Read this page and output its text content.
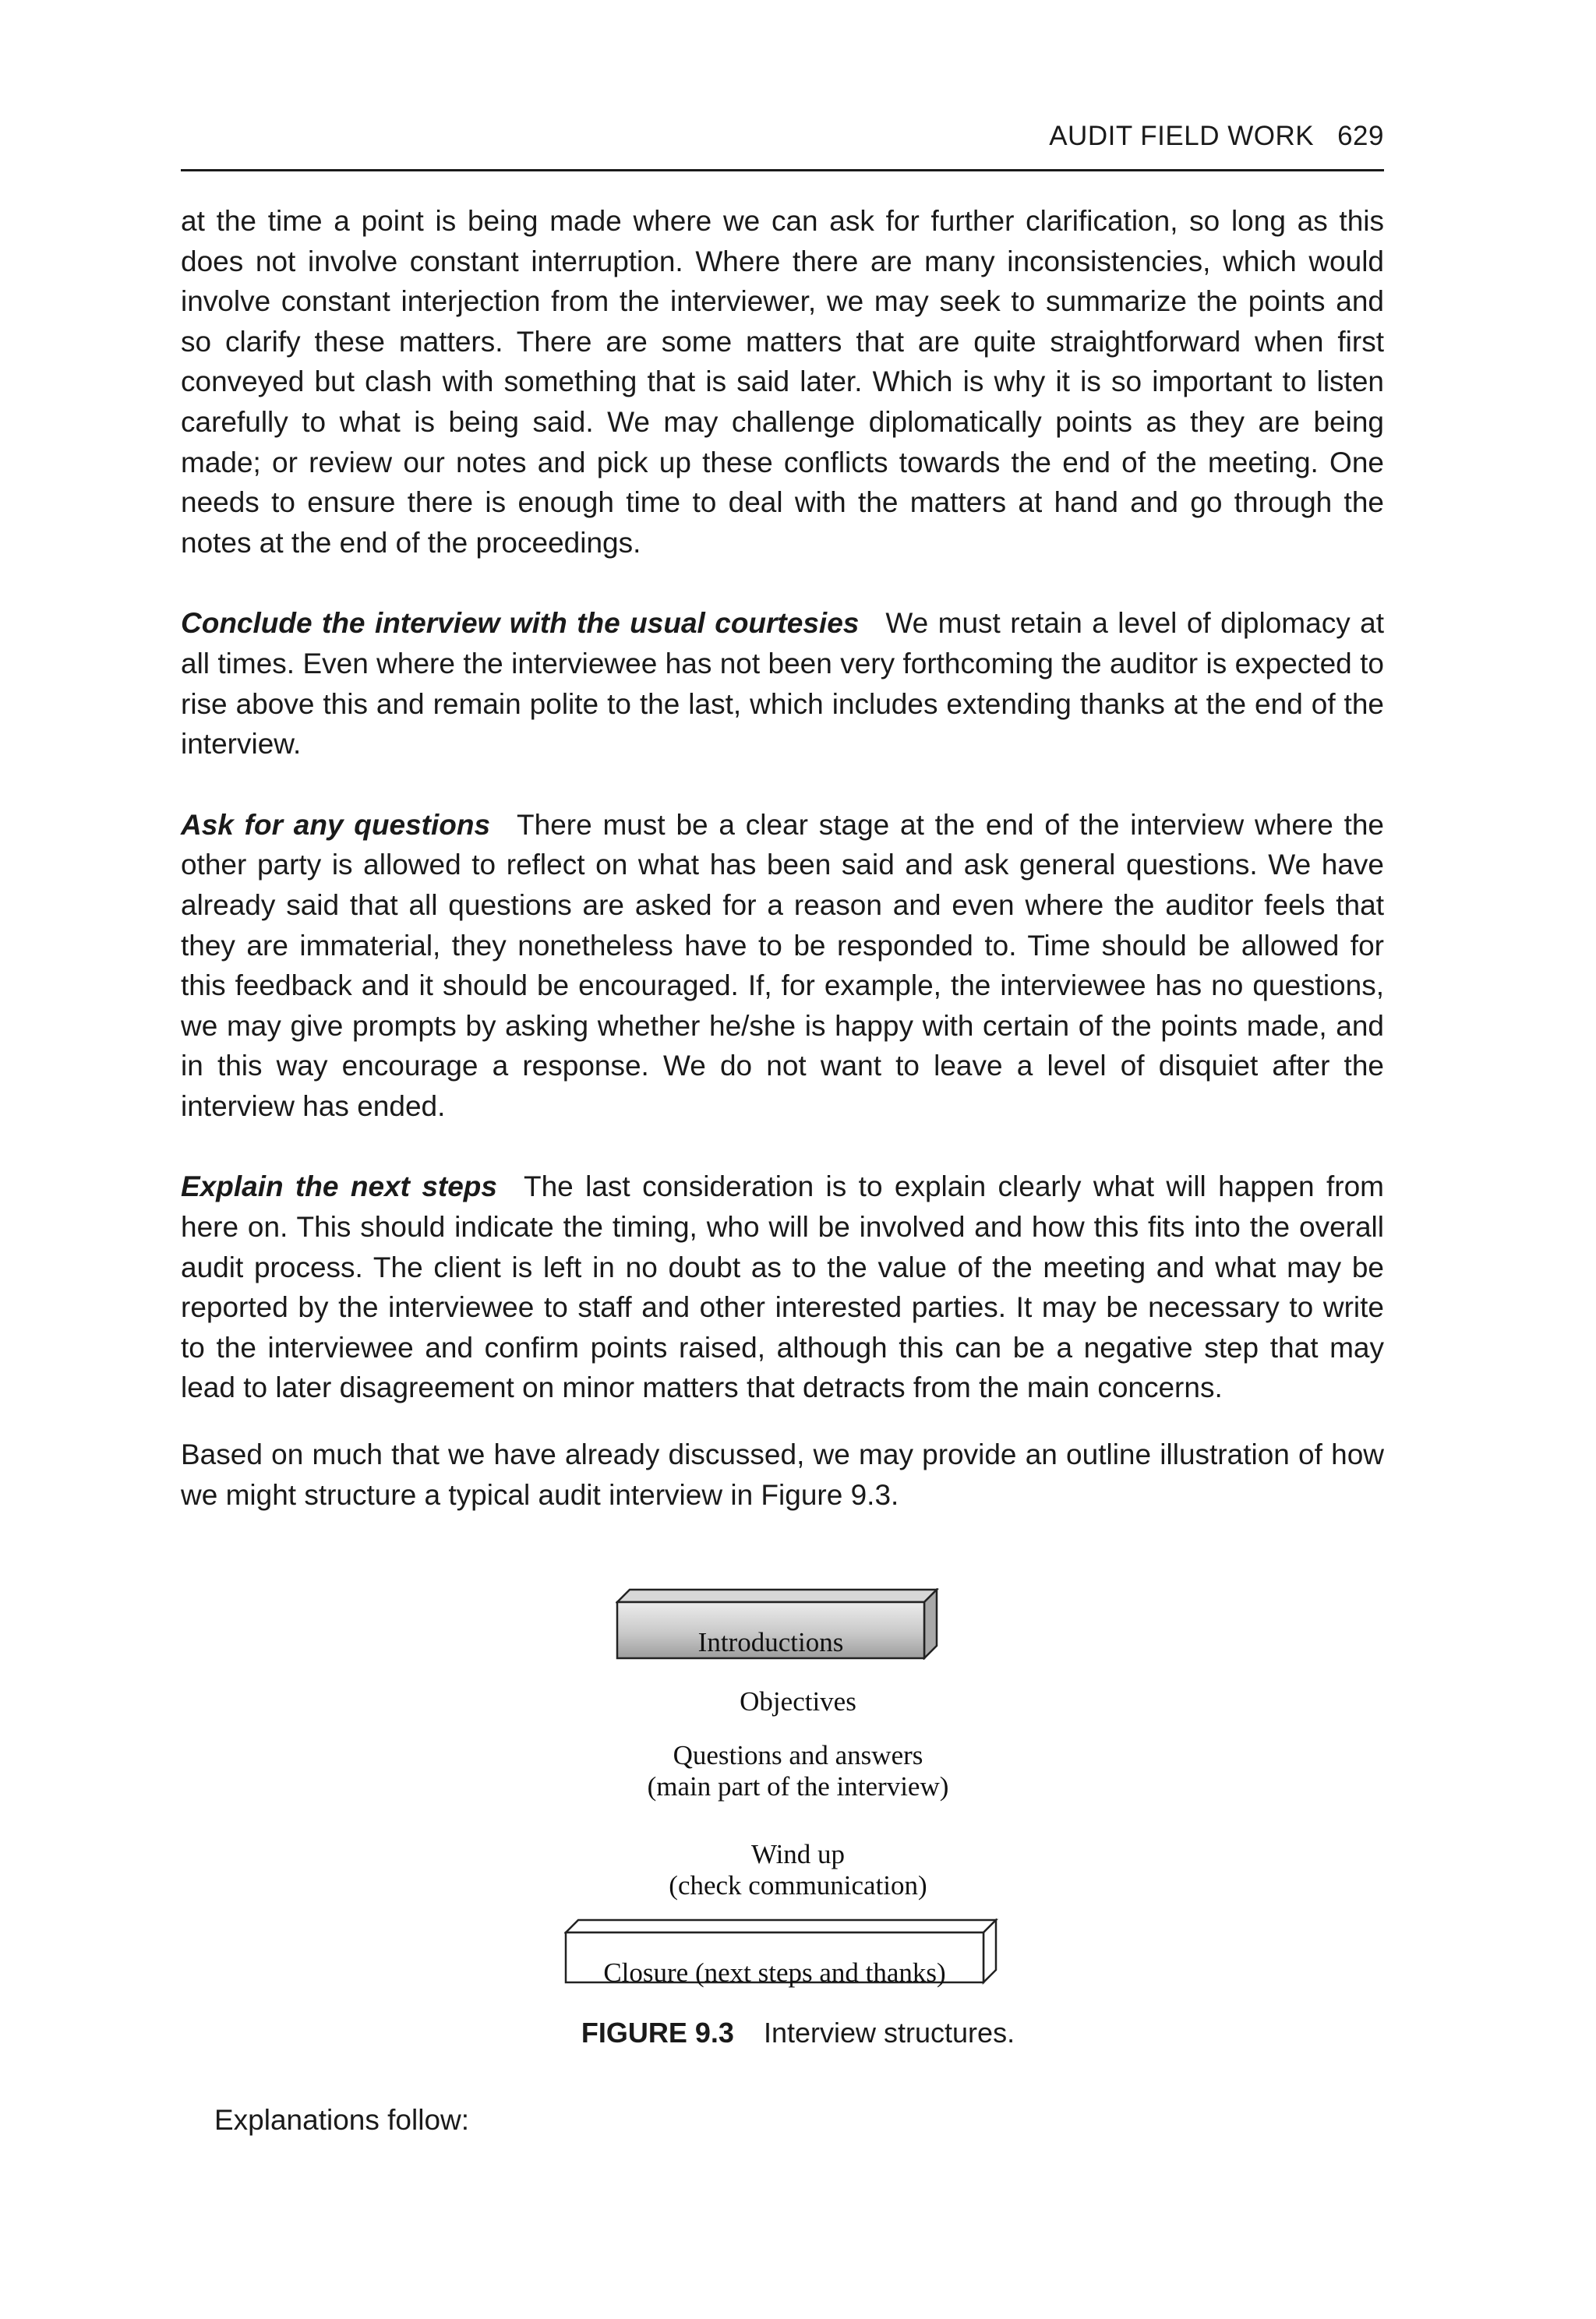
AUDIT FIELD WORK 629

at the time a point is being made where we can ask for further clarification, so long as this does not involve constant interruption. Where there are many inconsistencies, which would involve constant interjection from the interviewer, we may seek to summarize the points and so clarify these matters. There are some matters that are quite straightforward when first conveyed but clash with something that is said later. Which is why it is so important to listen carefully to what is being said. We may challenge diplomatically points as they are being made; or review our notes and pick up these conflicts towards the end of the meeting. One needs to ensure there is enough time to deal with the matters at hand and go through the notes at the end of the proceedings.

Conclude the interview with the usual courtesies We must retain a level of diplomacy at all times. Even where the interviewee has not been very forthcoming the auditor is expected to rise above this and remain polite to the last, which includes extending thanks at the end of the interview.

Ask for any questions There must be a clear stage at the end of the interview where the other party is allowed to reflect on what has been said and ask general questions. We have already said that all questions are asked for a reason and even where the auditor feels that they are immaterial, they nonetheless have to be responded to. Time should be allowed for this feedback and it should be encouraged. If, for example, the interviewee has no questions, we may give prompts by asking whether he/she is happy with certain of the points made, and in this way encourage a response. We do not want to leave a level of disquiet after the interview has ended.

Explain the next steps The last consideration is to explain clearly what will happen from here on. This should indicate the timing, who will be involved and how this fits into the overall audit process. The client is left in no doubt as to the value of the meeting and what may be reported by the interviewee to staff and other interested parties. It may be necessary to write to the interviewee and confirm points raised, although this can be a negative step that may lead to later disagreement on minor matters that detracts from the main concerns.

Based on much that we have already discussed, we may provide an outline illustration of how we might structure a typical audit interview in Figure 9.3.

Introductions
Objectives
Questions and answers
(main part of the interview)
Wind up
(check communication)
Closure (next steps and thanks)
FIGURE 9.3 Interview structures.
Explanations follow:
